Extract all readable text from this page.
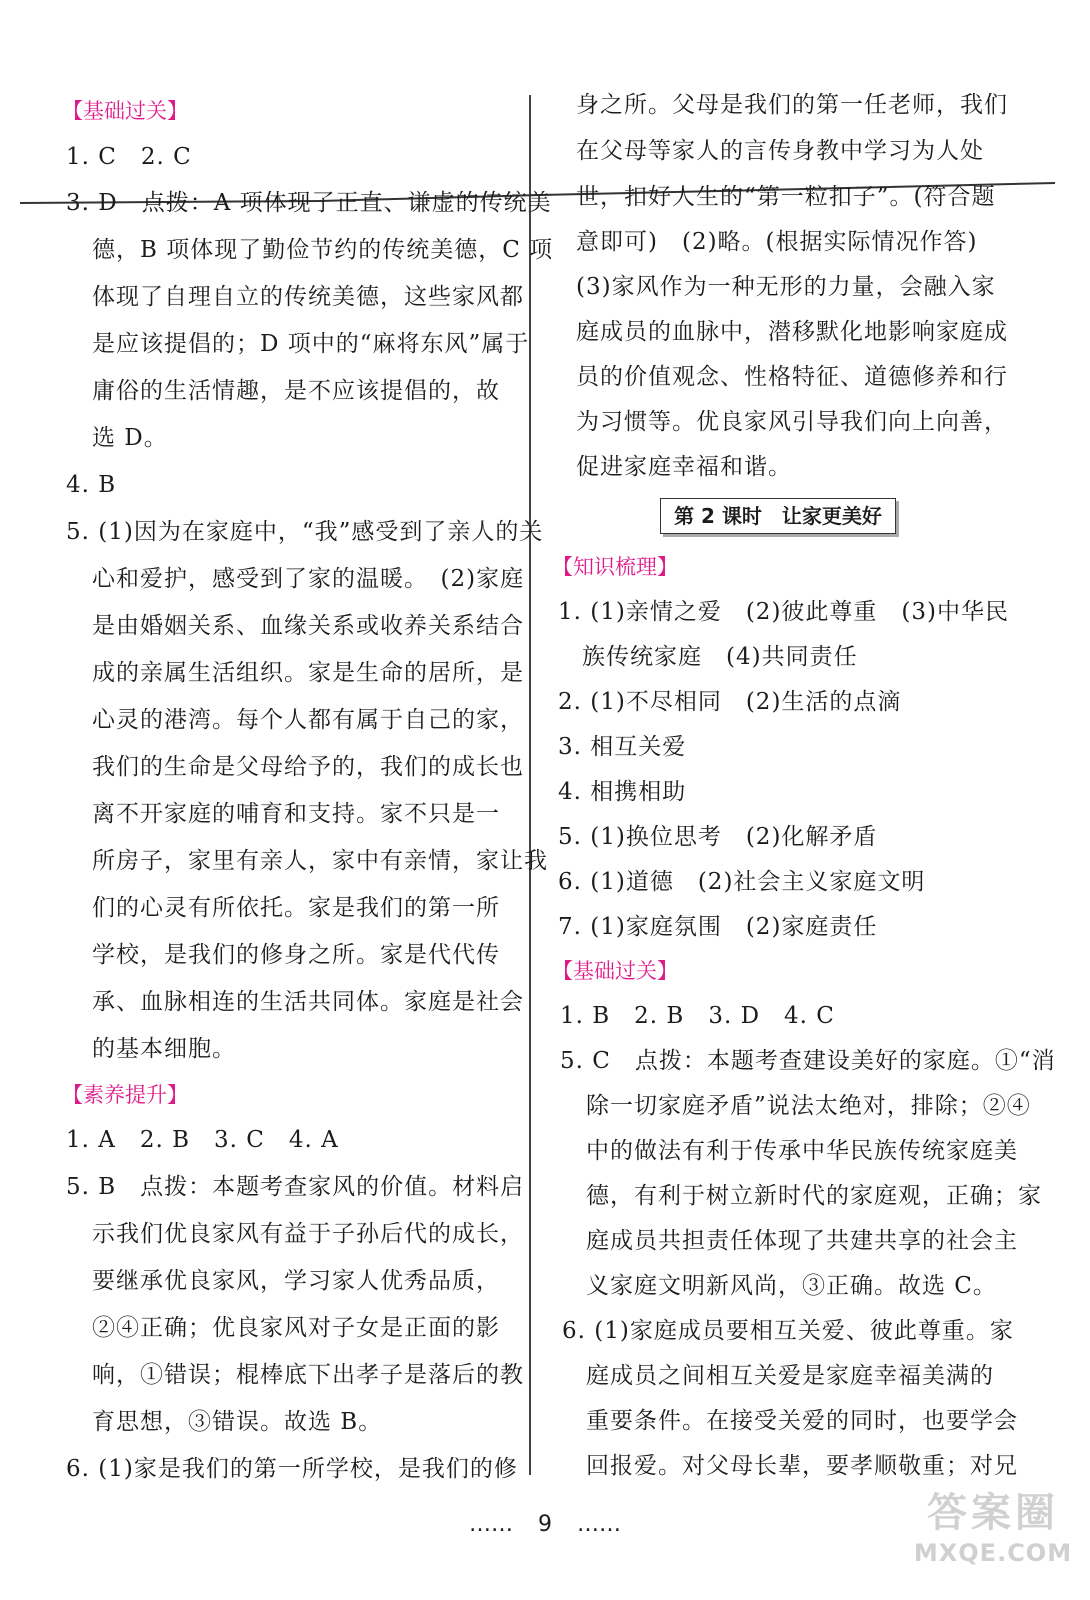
【基础过关】
1. C　2. C
3. D　点拨：A 项体现了正直、谦虚的传统美
德，B 项体现了勤俭节约的传统美德，C 项
体现了自理自立的传统美德，这些家风都
是应该提倡的；D 项中的“麻将东风”属于
庸俗的生活情趣，是不应该提倡的，故
选 D。
4. B
5. (1)因为在家庭中，“我”感受到了亲人的关
心和爱护，感受到了家的温暖。　(2)家庭
是由婚姻关系、血缘关系或收养关系结合
成的亲属生活组织。家是生命的居所，是
心灵的港湾。每个人都有属于自己的家，
我们的生命是父母给予的，我们的成长也
离不开家庭的哺育和支持。家不只是一
所房子，家里有亲人，家中有亲情，家让我
们的心灵有所依托。家是我们的第一所
学校，是我们的修身之所。家是代代传
承、血脉相连的生活共同体。家庭是社会
的基本细胞。
【素养提升】
1. A　2. B　3. C　4. A
5. B　点拨：本题考查家风的价值。材料启
示我们优良家风有益于子孙后代的成长，
要继承优良家风，学习家人优秀品质，
②④正确；优良家风对子女是正面的影
响，①错误；棍棒底下出孝子是落后的教
育思想，③错误。故选 B。
6. (1)家是我们的第一所学校，是我们的修
身之所。父母是我们的第一任老师，我们
在父母等家人的言传身教中学习为人处
世，扣好人生的“第一粒扣子”。(符合题
意即可)　(2)略。(根据实际情况作答)
(3)家风作为一种无形的力量，会融入家
庭成员的血脉中，潜移默化地影响家庭成
员的价值观念、性格特征、道德修养和行
为习惯等。优良家风引导我们向上向善，
促进家庭幸福和谐。
【知识梳理】
1. (1)亲情之爱　(2)彼此尊重　(3)中华民
族传统家庭　(4)共同责任
2. (1)不尽相同　(2)生活的点滴
3. 相互关爱
4. 相携相助
5. (1)换位思考　(2)化解矛盾
6. (1)道德　(2)社会主义家庭文明
7. (1)家庭氛围　(2)家庭责任
【基础过关】
1. B　2. B　3. D　4. C
5. C　点拨：本题考查建设美好的家庭。①“消
除一切家庭矛盾”说法太绝对，排除；②④
中的做法有利于传承中华民族传统家庭美
德，有利于树立新时代的家庭观，正确；家
庭成员共担责任体现了共建共享的社会主
义家庭文明新风尚，③正确。故选 C。
6. (1)家庭成员要相互关爱、彼此尊重。家
庭成员之间相互关爱是家庭幸福美满的
重要条件。在接受关爱的同时，也要学会
回报爱。对父母长辈，要孝顺敬重；对兄
第 2 课时　让家更美好
…… 9 ……	答案圈
MXQE.COM
